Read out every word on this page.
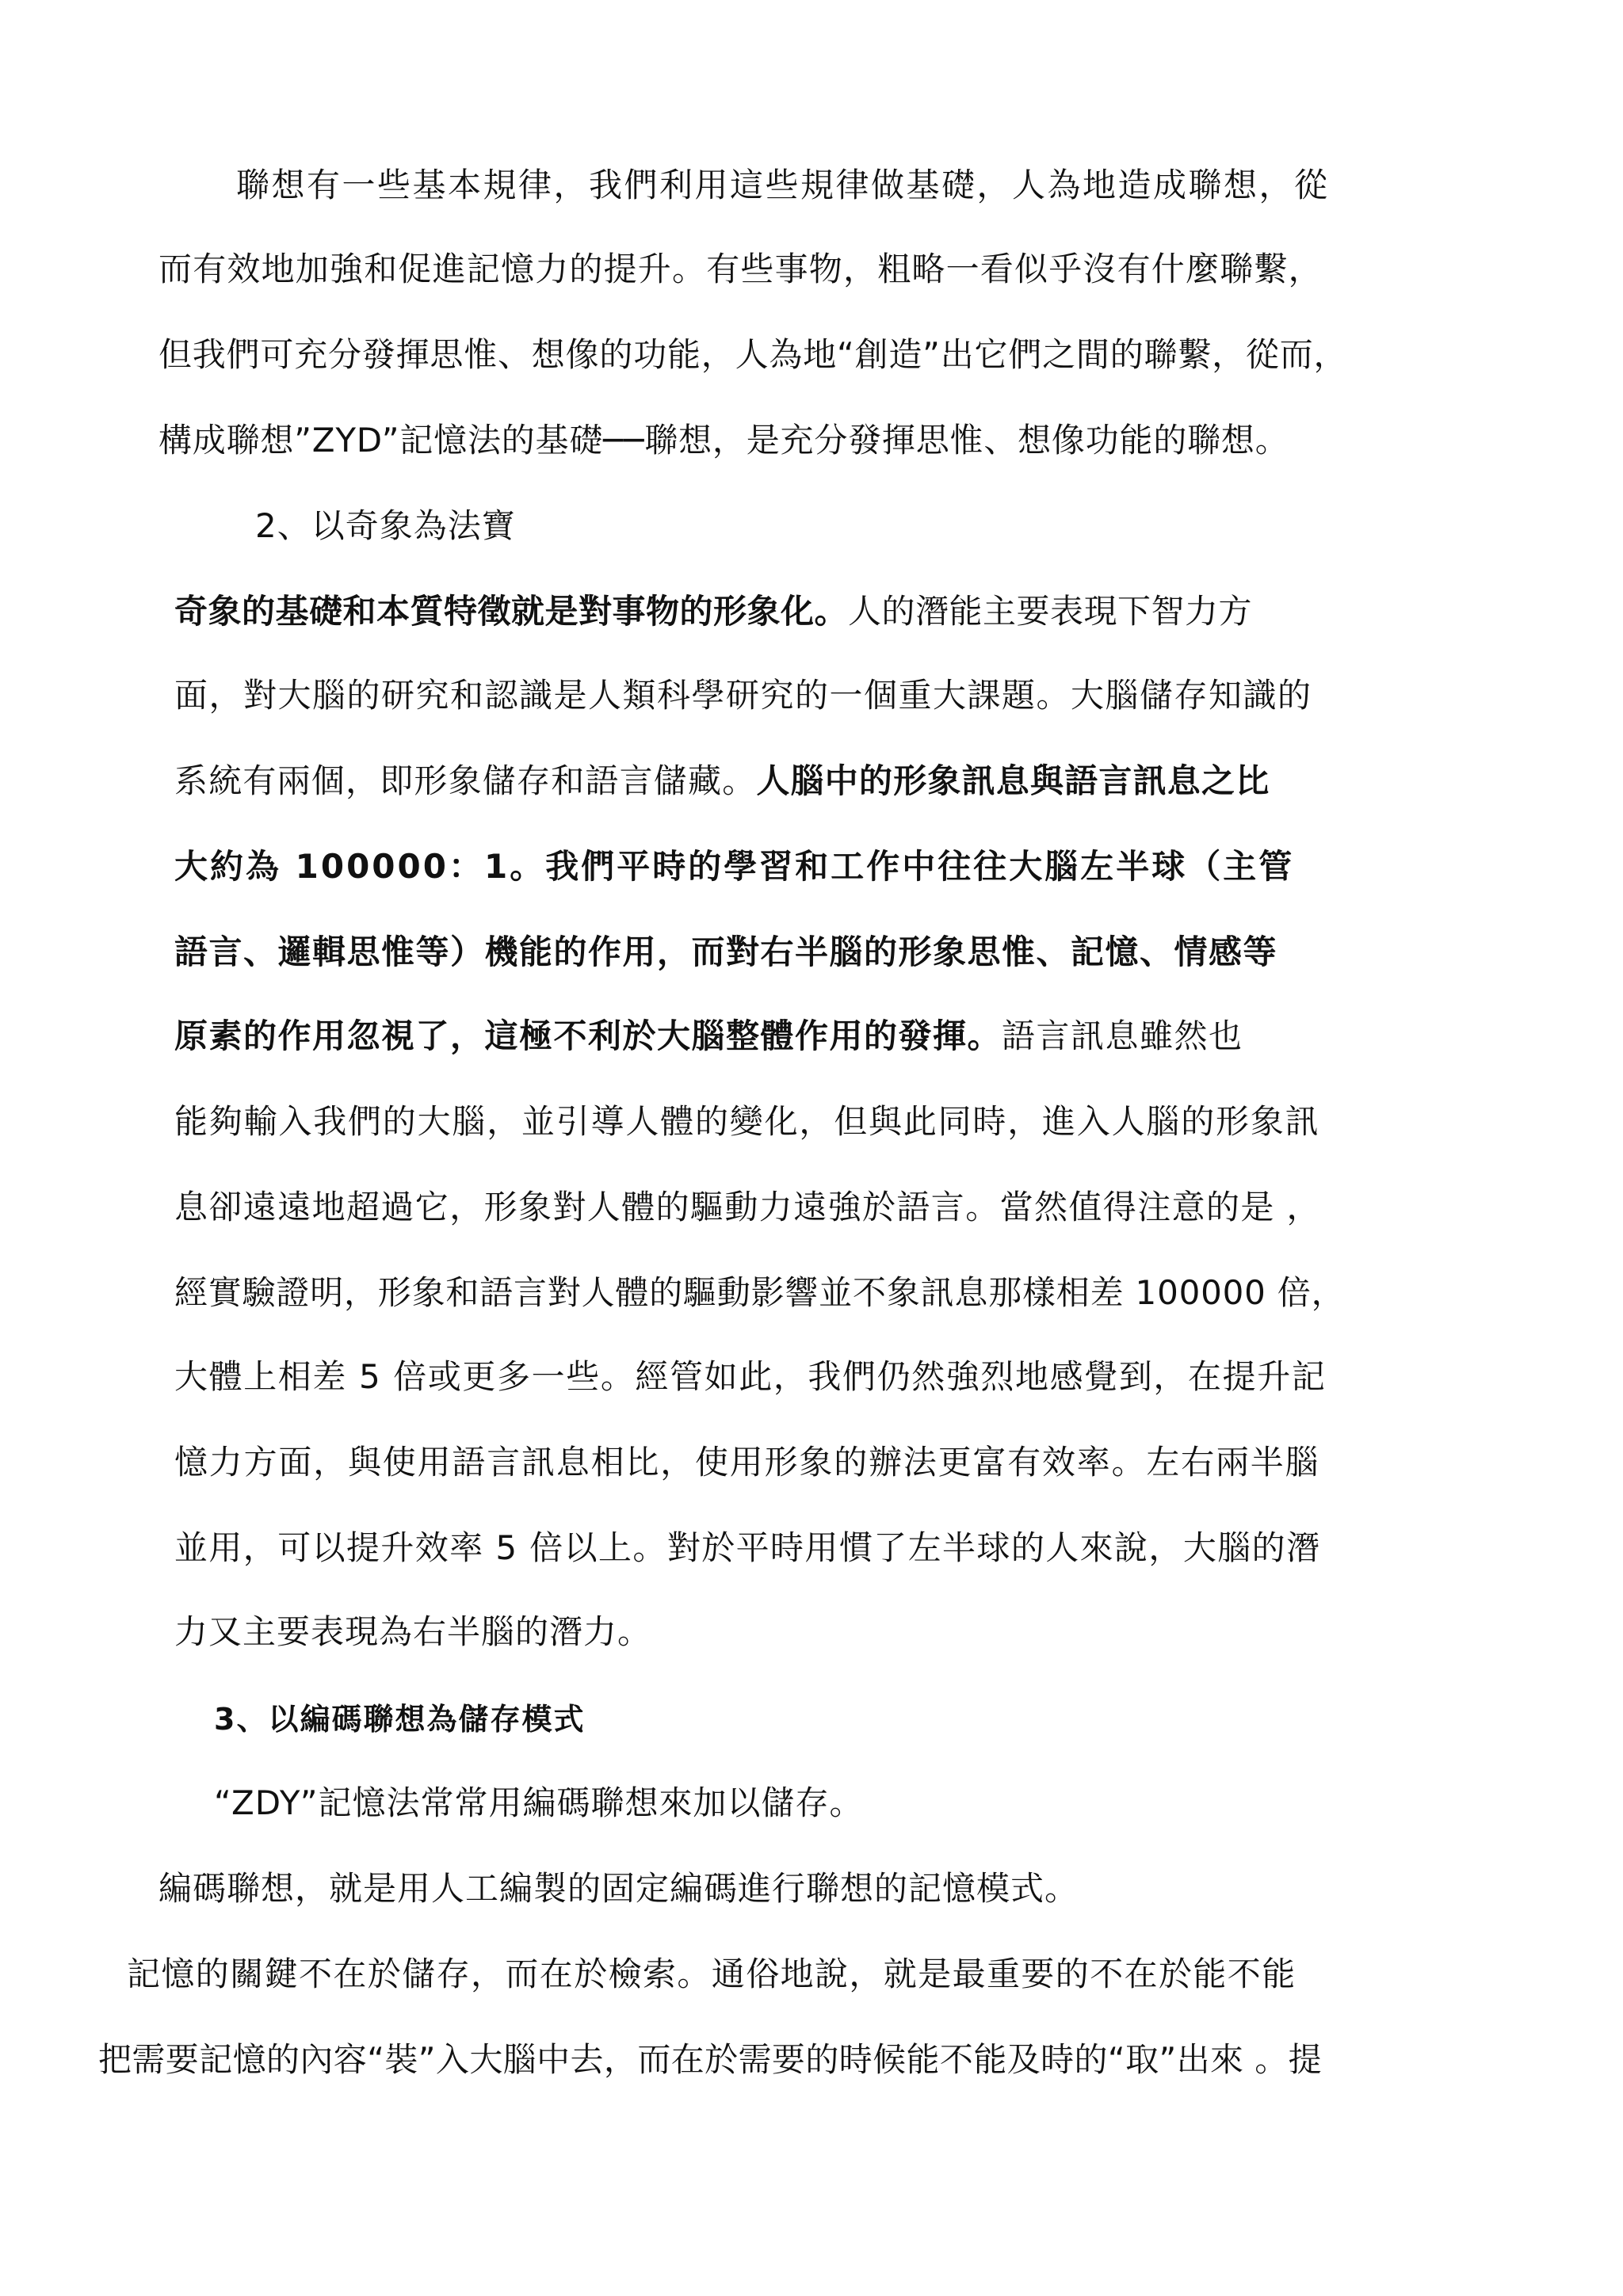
聯想有一些基本規律，我們利用這些規律做基礎，人為地造成聯想，從
而有效地加強和促進記憶力的提升。有些事物，粗略一看似乎沒有什麼聯繫，
但我們可充分發揮思惟、想像的功能，人為地“創造”出它們之間的聯繫，從而，
構成聯想”ZYD”記憶法的基礎──聯想，是充分發揮思惟、想像功能的聯想。
2、以奇象為法寶
奇象的基礎和本質特徵就是對事物的形象化。人的潛能主要表現下智力方
面，對大腦的研究和認識是人類科學研究的一個重大課題。大腦儲存知識的
系統有兩個，即形象儲存和語言儲藏。人腦中的形象訊息與語言訊息之比
大約為 100000：1。我們平時的學習和工作中往往大腦左半球（主管
語言、邏輯思惟等）機能的作用，而對右半腦的形象思惟、記憶、情感等
原素的作用忽視了，這極不利於大腦整體作用的發揮。語言訊息雖然也
能夠輸入我們的大腦，並引導人體的變化，但與此同時，進入人腦的形象訊
息卻遠遠地超過它，形象對人體的驅動力遠強於語言。當然值得注意的是 ，
經實驗證明，形象和語言對人體的驅動影響並不象訊息那樣相差 100000 倍，
大體上相差 5 倍或更多一些。經管如此，我們仍然強烈地感覺到，在提升記
憶力方面，與使用語言訊息相比，使用形象的辦法更富有效率。左右兩半腦
並用，可以提升效率 5 倍以上。對於平時用慣了左半球的人來說，大腦的潛
力又主要表現為右半腦的潛力。
3、以編碼聯想為儲存模式
“ZDY”記憶法常常用編碼聯想來加以儲存。
編碼聯想，就是用人工編製的固定編碼進行聯想的記憶模式。
記憶的關鍵不在於儲存，而在於檢索。通俗地說，就是最重要的不在於能不能
把需要記憶的內容“裝”入大腦中去，而在於需要的時候能不能及時的“取”出來 。提
